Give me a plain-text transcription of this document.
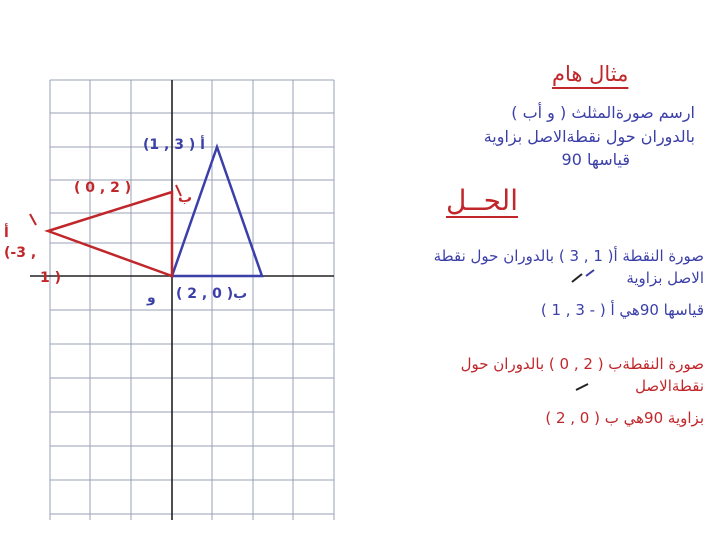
مثال هام
ارسم صورةالمثلث ( و أب )
بالدوران حول نقطةالاصل بزاوية
قياسها 90
الحــل
صورة النقطة أ( 1 , 3 ) بالدوران حول نقطة
الاصل بزاوية
قياسها 90هي أ ( - 3 , 1 )
صورة النقطةب ( 2 , 0 ) بالدوران حول
نقطةالاصل
بزاوية 90هي ب ( 0 , 2 )
أ ( 3 , 1)
ب( 0 , 2 )
و
( 0 , 2 )
ب
أ
(-3 ,
1 )
